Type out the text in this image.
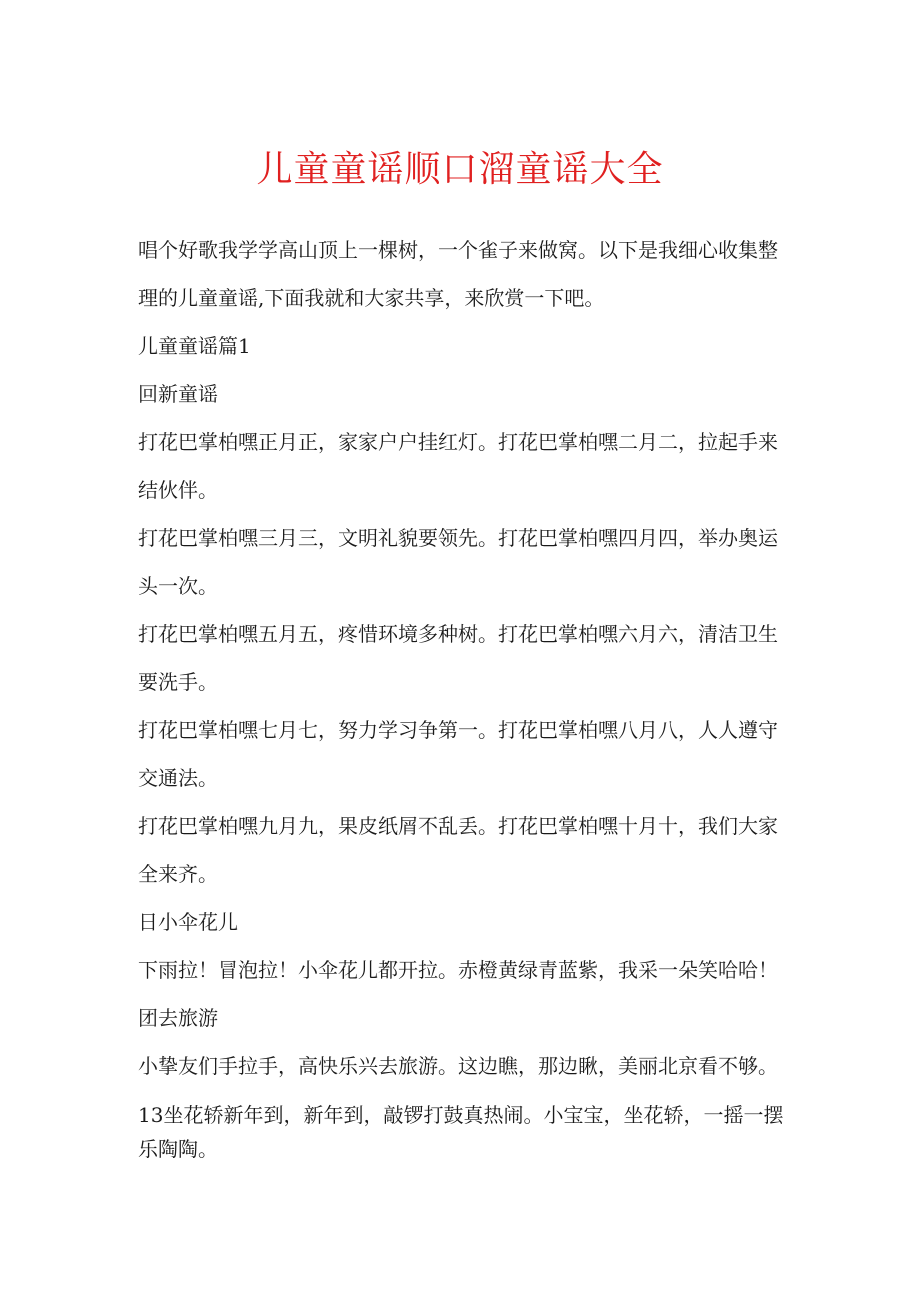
儿童童谣顺口溜童谣大全

唱个好歌我学学高山顶上一棵树，一个雀子来做窝。以下是我细心收集整理的儿童童谣,下面我就和大家共享，来欣赏一下吧。

儿童童谣篇1

回新童谣

打花巴掌柏嘿正月正，家家户户挂红灯。打花巴掌柏嘿二月二，拉起手来结伙伴。

打花巴掌柏嘿三月三，文明礼貌要领先。打花巴掌柏嘿四月四，举办奥运头一次。

打花巴掌柏嘿五月五，疼惜环境多种树。打花巴掌柏嘿六月六，清洁卫生要洗手。

打花巴掌柏嘿七月七，努力学习争第一。打花巴掌柏嘿八月八，人人遵守交通法。

打花巴掌柏嘿九月九，果皮纸屑不乱丢。打花巴掌柏嘿十月十，我们大家全来齐。

日小伞花儿

下雨拉！冒泡拉！小伞花儿都开拉。赤橙黄绿青蓝紫，我采一朵笑哈哈！

团去旅游

小挚友们手拉手，高快乐兴去旅游。这边瞧，那边瞅，美丽北京看不够。

13坐花轿新年到，新年到，敲锣打鼓真热闹。小宝宝，坐花轿，一摇一摆乐陶陶。
